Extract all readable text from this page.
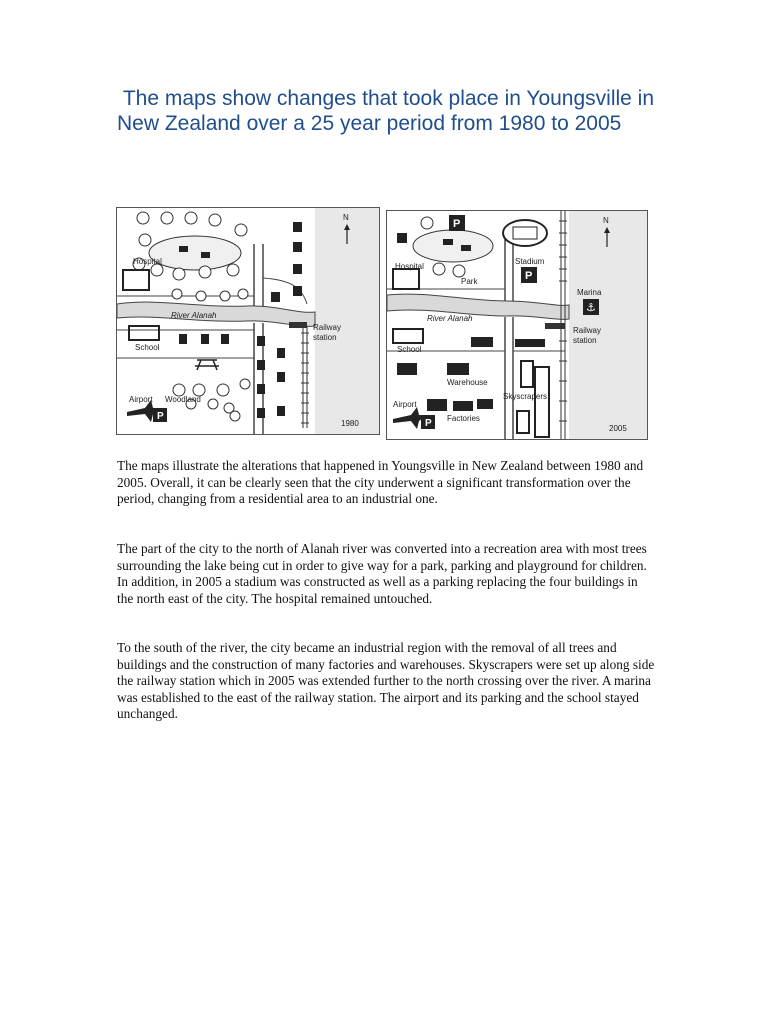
The maps show changes that took place in Youngsville in New Zealand over a 25 year period from 1980 to 2005
P
N
Hospital
River Alanah
Railway
station
School
Airport Woodland
1980
P
P
⚓
P
N
Hospital
Park
Stadium
Marina
River Alanah
Railway
station
School
Warehouse
Skyscrapers
Airport
Factories
2005
The maps illustrate the alterations that happened in Youngsville in New Zealand between 1980 and 2005. Overall, it can be clearly seen that the city underwent a significant transformation over the period, changing from a residential area to an industrial one.
The part of the city to the north of Alanah river was converted into a recreation area with most trees surrounding the lake being cut in order to give way for a park, parking and playground for children. In addition, in 2005 a stadium was constructed as well as a parking replacing the four buildings in the north east of the city. The hospital remained untouched.
To the south of the river, the city became an industrial region with the removal of all trees and buildings and the construction of many factories and warehouses. Skyscrapers were set up along side the railway station which in 2005 was extended further to the north crossing over the river. A marina was established to the east of the railway station. The airport and its parking and the school stayed unchanged.
